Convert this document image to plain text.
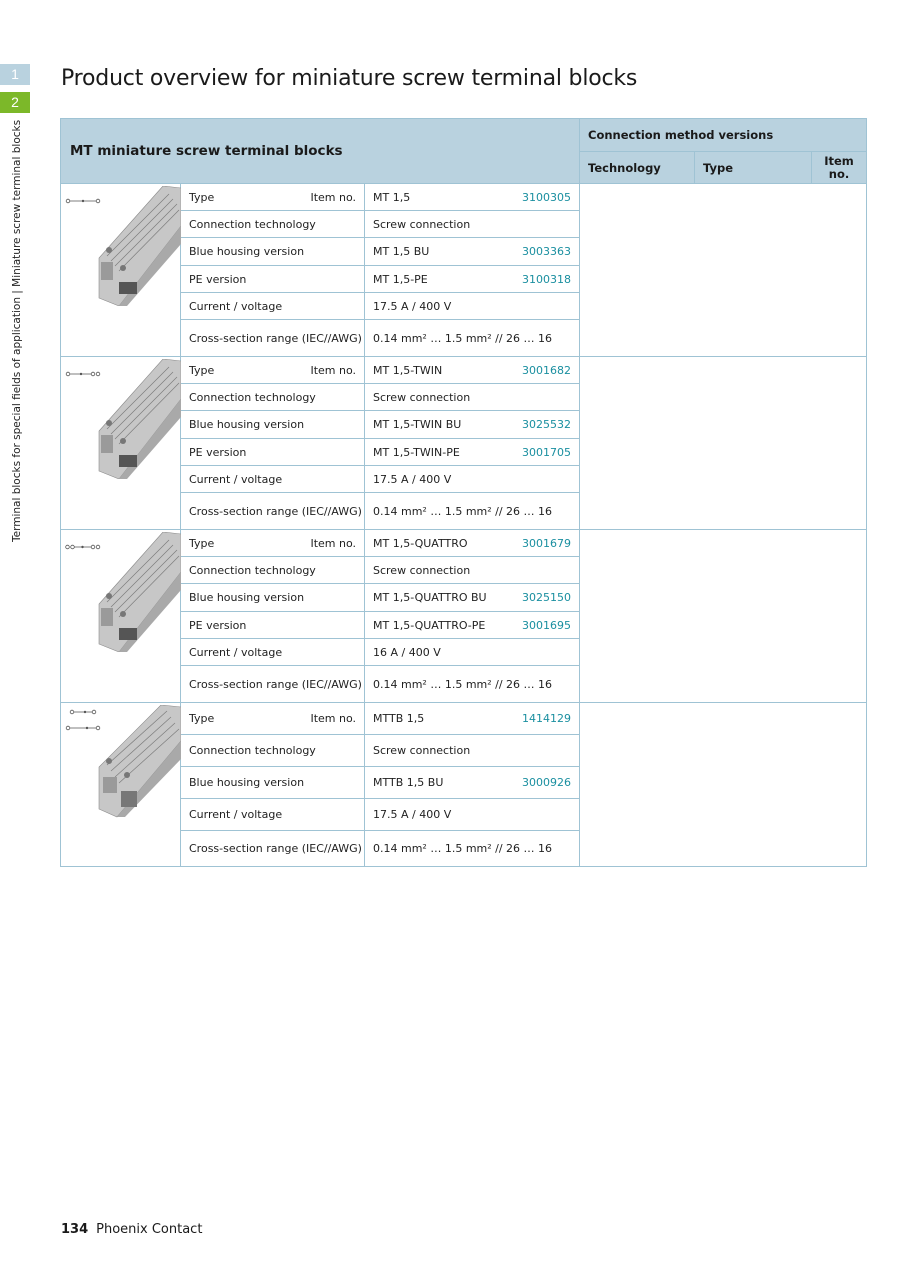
1
2
Terminal blocks for special fields of application | Miniature screw terminal blocks
Product overview for miniature screw terminal blocks
MT miniature screw terminal blocks			Connection method versions		
			Technology	Type	Item no.

Type Item no.	MT 1,5 3100305			

	Connection technology	Screw connection			
	Blue housing version	MT 1,5 BU 3003363			

	PE version	MT 1,5-PE 3100318			

	Current / voltage	17.5 A / 400 V			
	Cross-section range (IEC//AWG)	0.14 mm² … 1.5 mm² // 26 … 16			

Type Item no.	MT 1,5-TWIN 3001682			

	Connection technology	Screw connection			
	Blue housing version	MT 1,5-TWIN BU 3025532			

	PE version	MT 1,5-TWIN-PE 3001705			

	Current / voltage	17.5 A / 400 V			
	Cross-section range (IEC//AWG)	0.14 mm² … 1.5 mm² // 26 … 16			

Type Item no.	MT 1,5-QUATTRO 3001679			

	Connection technology	Screw connection			
	Blue housing version	MT 1,5-QUATTRO BU 3025150			

	PE version	MT 1,5-QUATTRO-PE 3001695			

	Current / voltage	16 A / 400 V			
	Cross-section range (IEC//AWG)	0.14 mm² … 1.5 mm² // 26 … 16			

Type Item no.	MTTB 1,5 1414129			

	Connection technology	Screw connection			
	Blue housing version	MTTB 1,5 BU 3000926			

	Current / voltage	17.5 A / 400 V			
	Cross-section range (IEC//AWG)	0.14 mm² … 1.5 mm² // 26 … 16			
134 Phoenix Contact
